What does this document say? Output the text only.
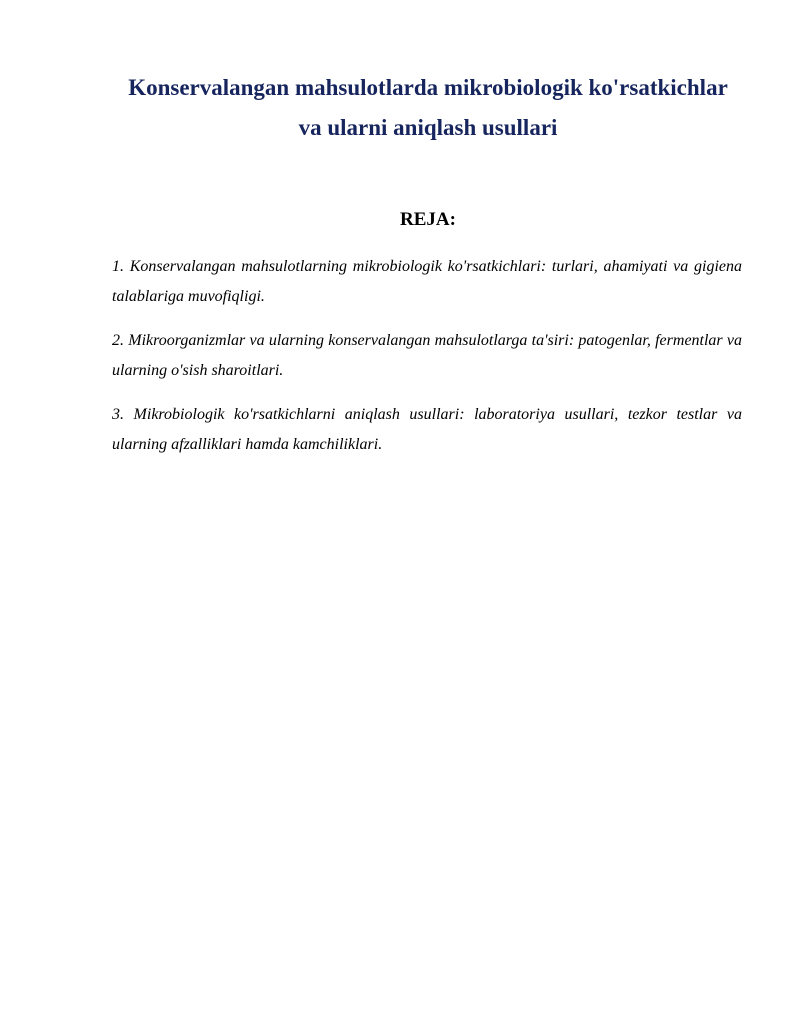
Konservalangan mahsulotlarda mikrobiologik ko'rsatkichlar
va ularni aniqlash usullari
REJA:
1. Konservalangan mahsulotlarning mikrobiologik ko'rsatkichlari: turlari, ahamiyati va gigiena talablariga muvofiqligi.
2. Mikroorganizmlar va ularning konservalangan mahsulotlarga ta'siri: patogenlar, fermentlar va ularning o'sish sharoitlari.
3. Mikrobiologik ko'rsatkichlarni aniqlash usullari: laboratoriya usullari, tezkor testlar va ularning afzalliklari hamda kamchiliklari.
